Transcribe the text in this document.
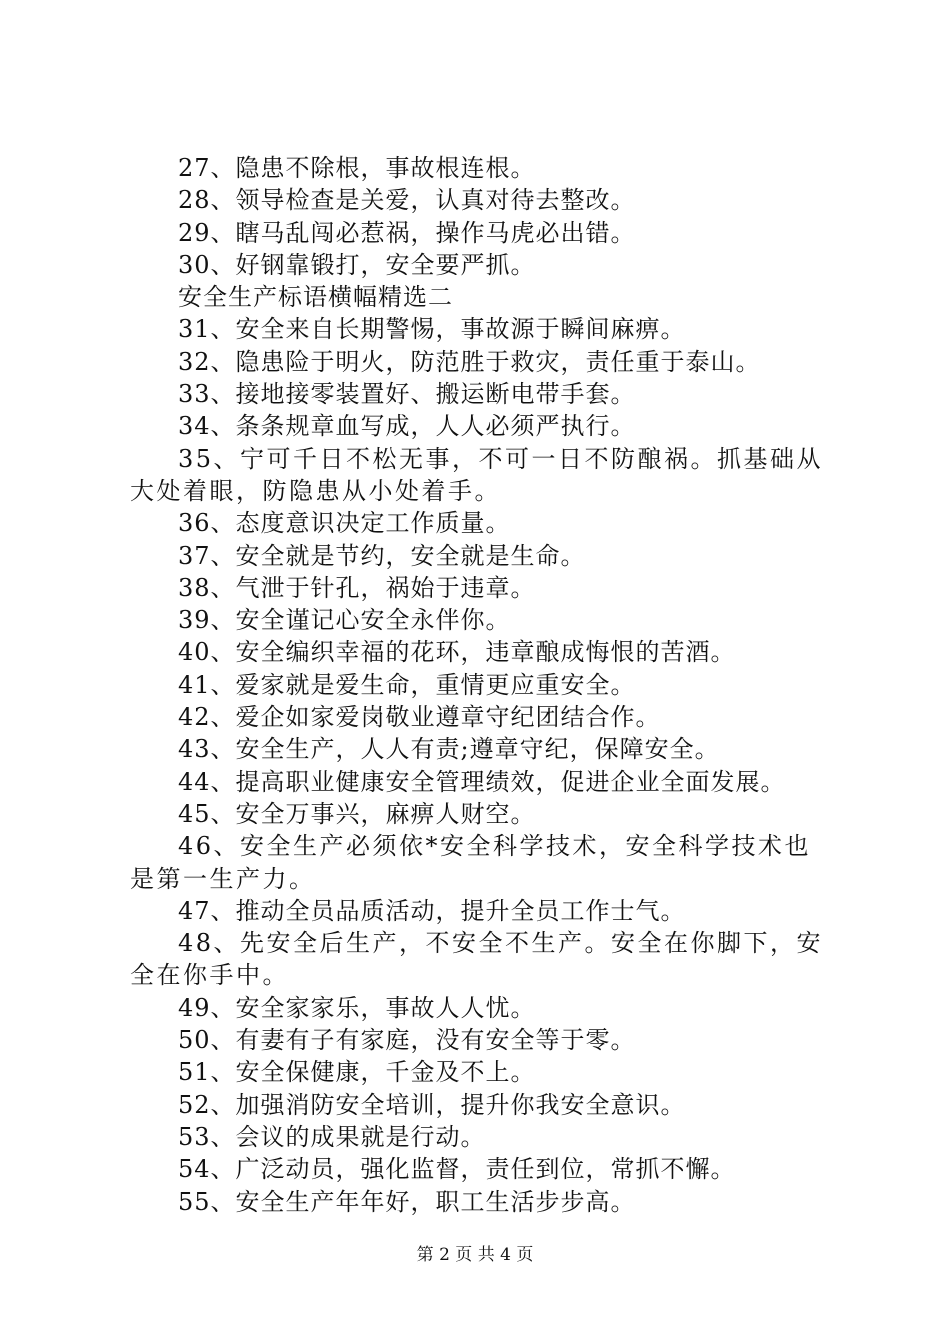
27、隐患不除根，事故根连根。

28、领导检查是关爱，认真对待去整改。

29、瞎马乱闯必惹祸，操作马虎必出错。

30、好钢靠锻打，安全要严抓。

安全生产标语横幅精选二

31、安全来自长期警惕，事故源于瞬间麻痹。

32、隐患险于明火，防范胜于救灾，责任重于泰山。

33、接地接零装置好、搬运断电带手套。

34、条条规章血写成，人人必须严执行。

35、宁可千日不松无事，不可一日不防酿祸。抓基础从大处着眼，防隐患从小处着手。

36、态度意识决定工作质量。

37、安全就是节约，安全就是生命。

38、气泄于针孔，祸始于违章。

39、安全谨记心安全永伴你。

40、安全编织幸福的花环，违章酿成悔恨的苦酒。

41、爱家就是爱生命，重情更应重安全。

42、爱企如家爱岗敬业遵章守纪团结合作。

43、安全生产，人人有责;遵章守纪，保障安全。

44、提高职业健康安全管理绩效，促进企业全面发展。

45、安全万事兴，麻痹人财空。

46、安全生产必须依*安全科学技术，安全科学技术也是第一生产力。

47、推动全员品质活动，提升全员工作士气。

48、先安全后生产，不安全不生产。安全在你脚下，安全在你手中。

49、安全家家乐，事故人人忧。

50、有妻有子有家庭，没有安全等于零。

51、安全保健康，千金及不上。

52、加强消防安全培训，提升你我安全意识。

53、会议的成果就是行动。

54、广泛动员，强化监督，责任到位，常抓不懈。

55、安全生产年年好，职工生活步步高。

第 2 页 共 4 页
